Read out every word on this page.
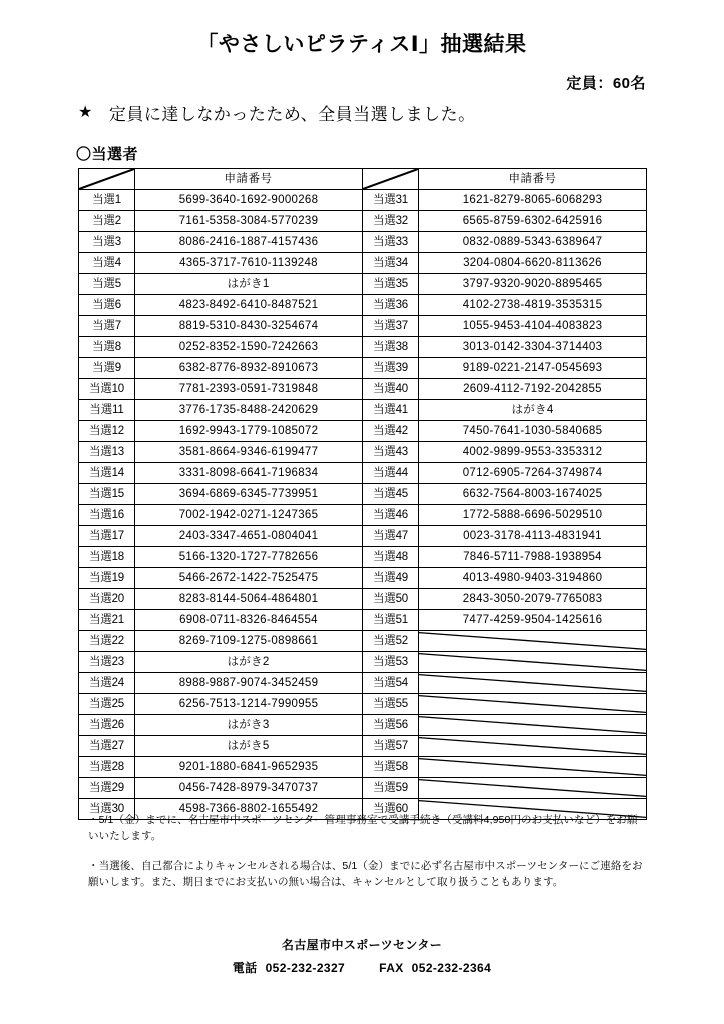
「やさしいピラティスⅠ」抽選結果
定員：60名
★ 定員に達しなかったため、全員当選しました。
〇当選者
	申請番号		申請番号
当選1	5699-3640-1692-9000268	当選31	1621-8279-8065-6068293
当選2	7161-5358-3084-5770239	当選32	6565-8759-6302-6425916
当選3	8086-2416-1887-4157436	当選33	0832-0889-5343-6389647
当選4	4365-3717-7610-1139248	当選34	3204-0804-6620-8113626
当選5	はがき1	当選35	3797-9320-9020-8895465
当選6	4823-8492-6410-8487521	当選36	4102-2738-4819-3535315
当選7	8819-5310-8430-3254674	当選37	1055-9453-4104-4083823
当選8	0252-8352-1590-7242663	当選38	3013-0142-3304-3714403
当選9	6382-8776-8932-8910673	当選39	9189-0221-2147-0545693
当選10	7781-2393-0591-7319848	当選40	2609-4112-7192-2042855
当選11	3776-1735-8488-2420629	当選41	はがき4
当選12	1692-9943-1779-1085072	当選42	7450-7641-1030-5840685
当選13	3581-8664-9346-6199477	当選43	4002-9899-9553-3353312
当選14	3331-8098-6641-7196834	当選44	0712-6905-7264-3749874
当選15	3694-6869-6345-7739951	当選45	6632-7564-8003-1674025
当選16	7002-1942-0271-1247365	当選46	1772-5888-6696-5029510
当選17	2403-3347-4651-0804041	当選47	0023-3178-4113-4831941
当選18	5166-1320-1727-7782656	当選48	7846-5711-7988-1938954
当選19	5466-2672-1422-7525475	当選49	4013-4980-9403-3194860
当選20	8283-8144-5064-4864801	当選50	2843-3050-2079-7765083
当選21	6908-0711-8326-8464554	当選51	7477-4259-9504-1425616
当選22	8269-7109-1275-0898661	当選52	

当選23	はがき2	当選53	

当選24	8988-9887-9074-3452459	当選54	

当選25	6256-7513-1214-7990955	当選55	

当選26	はがき3	当選56	

当選27	はがき5	当選57	

当選28	9201-1880-6841-9652935	当選58	

当選29	0456-7428-8979-3470737	当選59	

当選30	4598-7366-8802-1655492	当選60	
・5/1（金）までに、名古屋市中スポーツセンター管理事務室で受講手続き（受講料4,950円のお支払いなど）をお願いいたします。
・当選後、自己都合によりキャンセルされる場合は、5/1（金）までに必ず名古屋市中スポーツセンターにご連絡をお願いします。また、期日までにお支払いの無い場合は、キャンセルとして取り扱うこともあります。
名古屋市中スポーツセンター
電話 052-232-2327	FAX 052-232-2364
